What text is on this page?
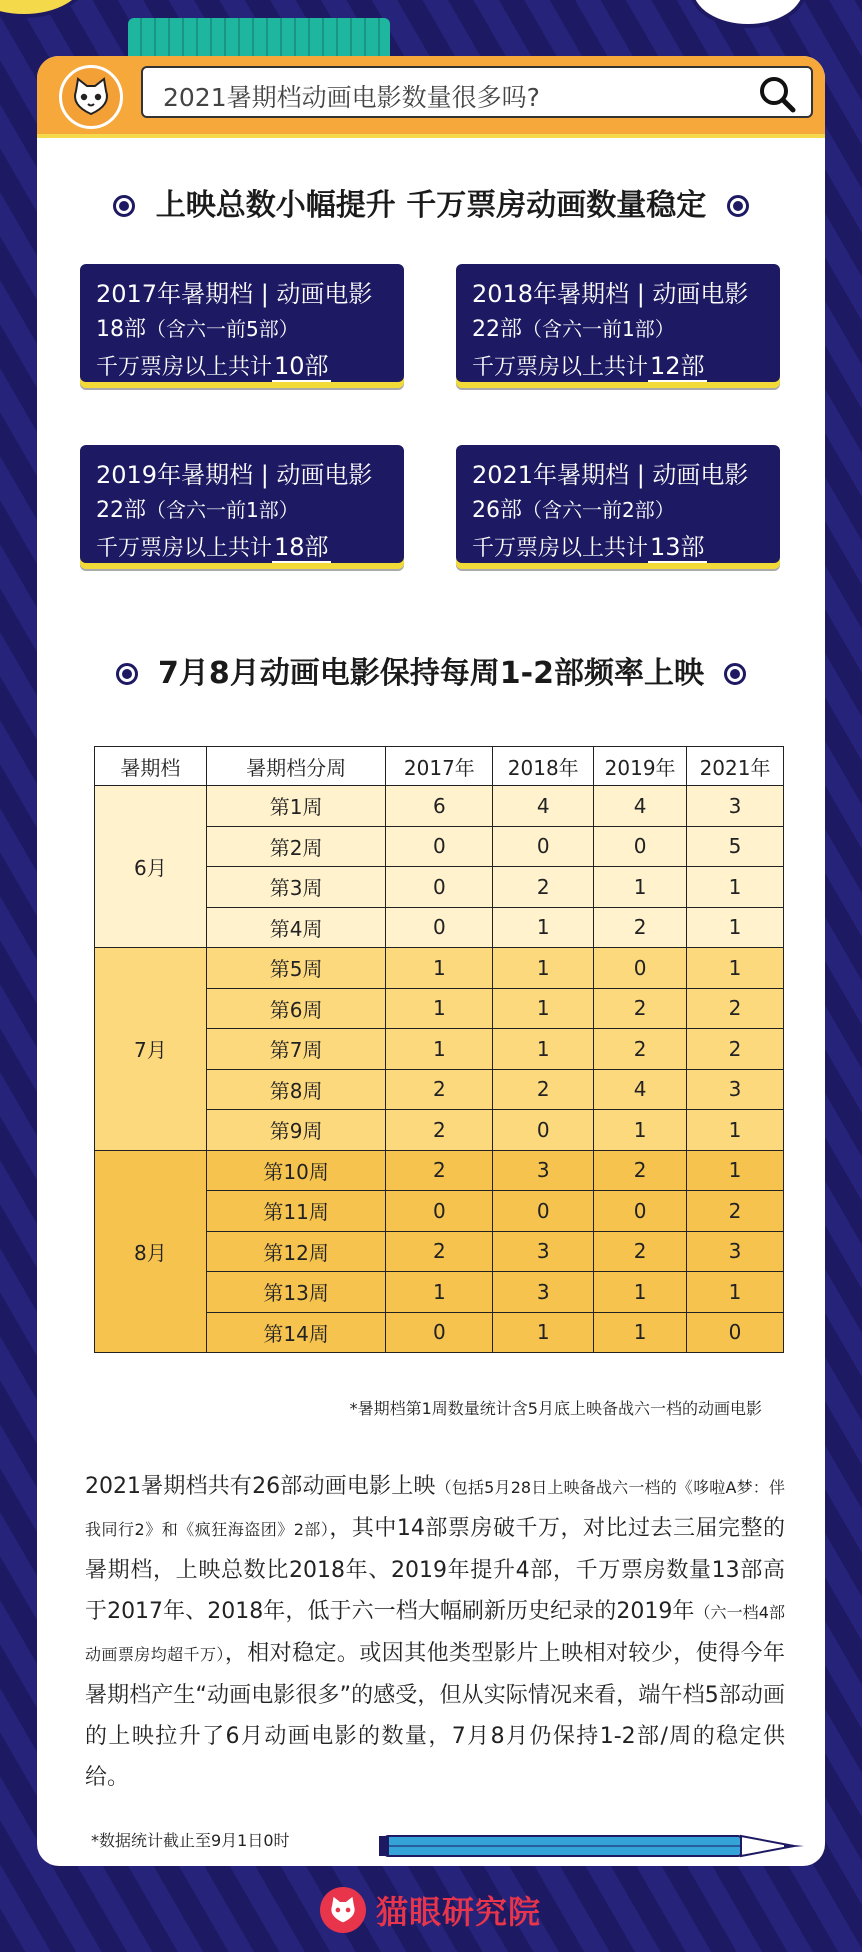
2021暑期档动画电影数量很多吗?
上映总数小幅提升 千万票房动画数量稳定
2017年暑期档 | 动画电影
18部（含六一前5部）
千万票房以上共计10部
2018年暑期档 | 动画电影
22部（含六一前1部）
千万票房以上共计12部
2019年暑期档 | 动画电影
22部（含六一前1部）
千万票房以上共计18部
2021年暑期档 | 动画电影
26部（含六一前2部）
千万票房以上共计13部
7月8月动画电影保持每周1-2部频率上映
暑期档	暑期档分周	2017年	2018年	2019年	2021年
6月	第1周	6	4	4	3
	第2周	0	0	0	5
	第3周	0	2	1	1
	第4周	0	1	2	1
7月	第5周	1	1	0	1
	第6周	1	1	2	2
	第7周	1	1	2	2
	第8周	2	2	4	3
	第9周	2	0	1	1
8月	第10周	2	3	2	1
	第11周	0	0	0	2
	第12周	2	3	2	3
	第13周	1	3	1	1
	第14周	0	1	1	0
*暑期档第1周数量统计含5月底上映备战六一档的动画电影
2021暑期档共有26部动画电影上映（包括5月28日上映备战六一档的《哆啦A梦：伴我同行2》和《疯狂海盗团》2部），其中14部票房破千万，对比过去三届完整的暑期档，上映总数比2018年、2019年提升4部，千万票房数量13部高于2017年、2018年，低于六一档大幅刷新历史纪录的2019年（六一档4部动画票房均超千万），相对稳定。或因其他类型影片上映相对较少，使得今年暑期档产生“动画电影很多”的感受，但从实际情况来看，端午档5部动画的上映拉升了6月动画电影的数量，7月8月仍保持1-2部/周的稳定供给。
*数据统计截止至9月1日0时
猫眼研究院
